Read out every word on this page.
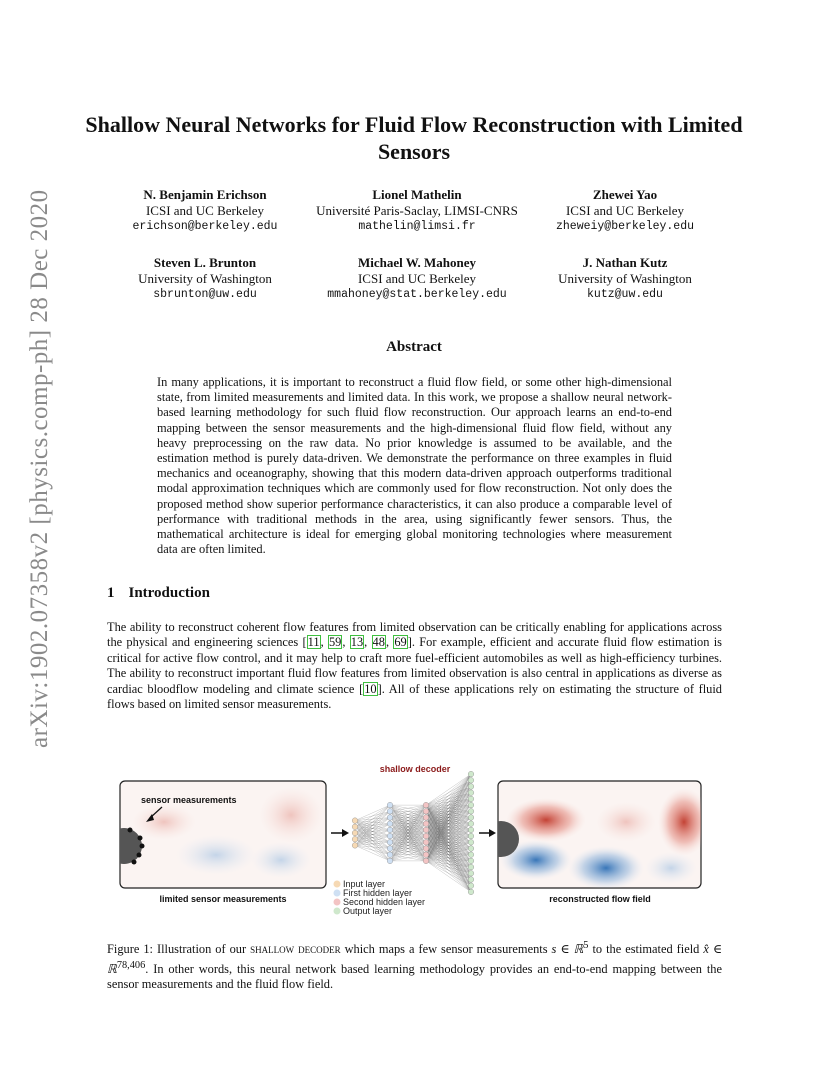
arXiv:1902.07358v2 [physics.comp-ph] 28 Dec 2020
Shallow Neural Networks for Fluid Flow Reconstruction with Limited Sensors
N. Benjamin Erichson
ICSI and UC Berkeley
erichson@berkeley.edu
Lionel Mathelin
Université Paris-Saclay, LIMSI-CNRS
mathelin@limsi.fr
Zhewei Yao
ICSI and UC Berkeley
zheweiy@berkeley.edu
Steven L. Brunton
University of Washington
sbrunton@uw.edu
Michael W. Mahoney
ICSI and UC Berkeley
mmahoney@stat.berkeley.edu
J. Nathan Kutz
University of Washington
kutz@uw.edu
Abstract
In many applications, it is important to reconstruct a fluid flow field, or some other high-dimensional state, from limited measurements and limited data. In this work, we propose a shallow neural network-based learning methodology for such fluid flow reconstruction. Our approach learns an end-to-end mapping between the sensor measurements and the high-dimensional fluid flow field, without any heavy preprocessing on the raw data. No prior knowledge is assumed to be available, and the estimation method is purely data-driven. We demonstrate the performance on three examples in fluid mechanics and oceanography, showing that this modern data-driven approach outperforms traditional modal approximation techniques which are commonly used for flow reconstruction. Not only does the proposed method show superior performance characteristics, it can also produce a comparable level of performance with traditional methods in the area, using significantly fewer sensors. Thus, the mathematical architecture is ideal for emerging global monitoring technologies where measurement data are often limited.
1 Introduction
The ability to reconstruct coherent flow features from limited observation can be critically enabling for applications across the physical and engineering sciences [11, 59, 13, 48, 69]. For example, efficient and accurate fluid flow estimation is critical for active flow control, and it may help to craft more fuel-efficient automobiles as well as high-efficiency turbines. The ability to reconstruct important fluid flow features from limited observation is also central in applications as diverse as cardiac bloodflow modeling and climate science [10]. All of these applications rely on estimating the structure of fluid flows based on limited sensor measurements.
sensor measurements
limited sensor measurements
shallow decoder
Input layer
First hidden layer
Second hidden layer
Output layer
reconstructed flow field
Figure 1: Illustration of our shallow decoder which maps a few sensor measurements s ∈ ℝ$^5$ to the estimated field x̂ ∈ ℝ$^{78,406}$. In other words, this neural network based learning methodology provides an end-to-end mapping between the sensor measurements and the fluid flow field.
